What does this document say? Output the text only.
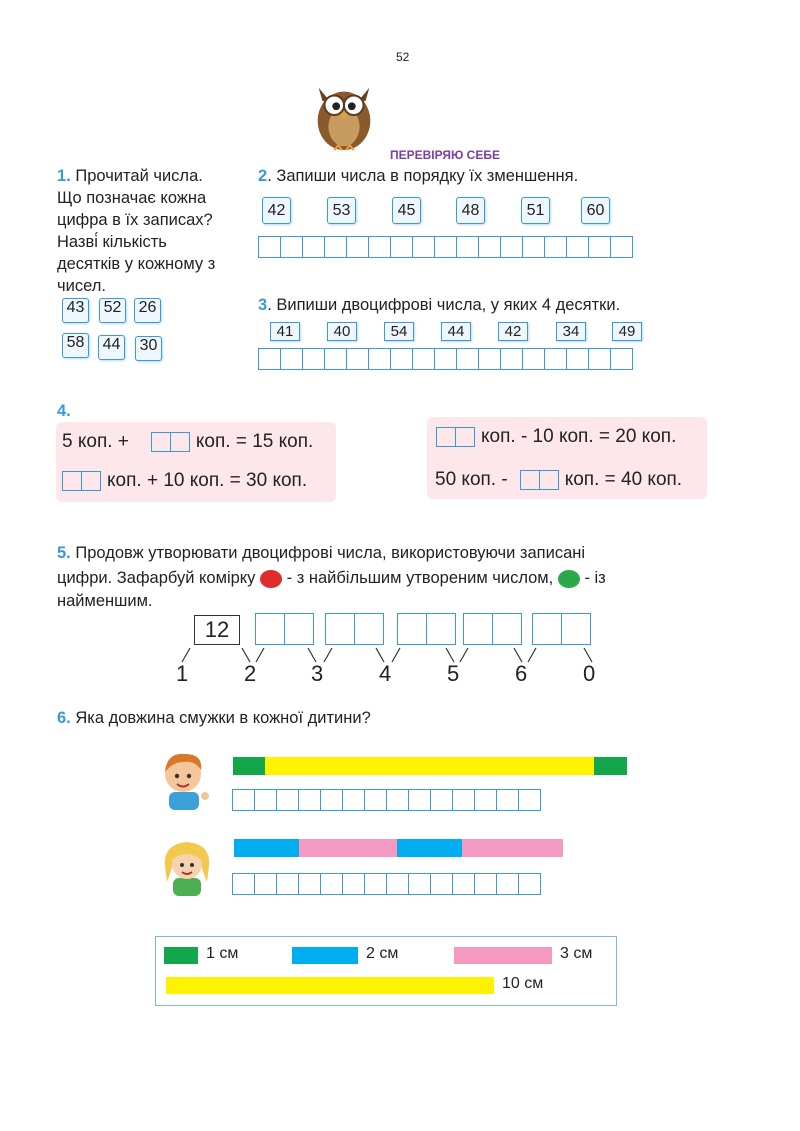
52
ПЕРЕВІРЯЮ СЕБЕ
1. Прочитай числа.
Що позначає кожна
цифра в їх записах?
Назві́ кількість
десятків у кожному з
чисел.
43 52 26
58 44 30
2. Запиши числа в порядку їх зменшення.
42	53	45	48	51	60
3. Випиши двоцифрові числа, у яких 4 десятки.
41	40	54	44	42	34	49
4.
5 коп. +	коп. = 15 коп.
коп. + 10 коп. = 30 коп.
коп. - 10 коп. = 20 коп.
50 коп. -	коп. = 40 коп.
5. Продовж утворювати двоцифрові числа, використовуючи записані
цифри. Зафарбуй комірку - з найбільшим утвореним числом, - із
найменшим.
12
1	2 3	4	5	6	0
6. Яка довжина смужки в кожної дитини?
1 см	2 см	3 см
10 см
